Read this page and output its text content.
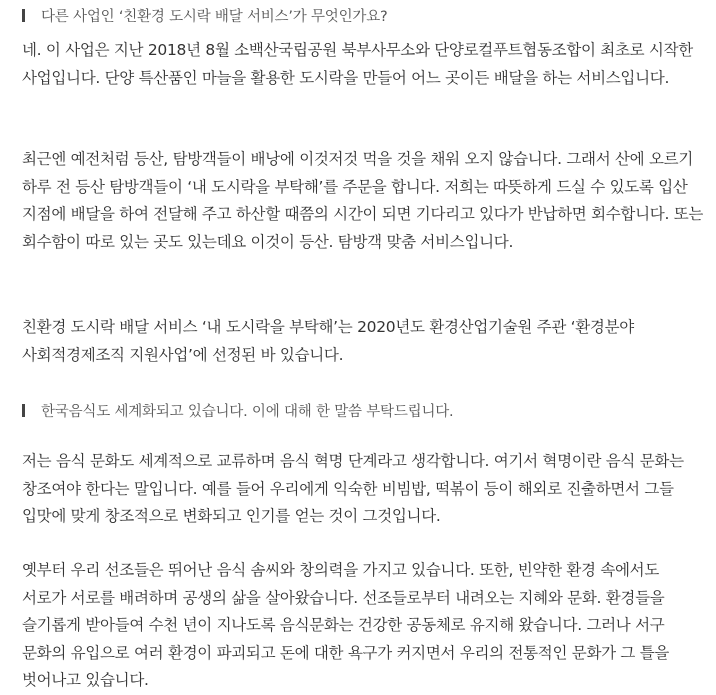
다른 사업인 ‘친환경 도시락 배달 서비스’가 무엇인가요?

네. 이 사업은 지난 2018년 8월 소백산국립공원 북부사무소와 단양로컬푸트협동조합이 최초로 시작한 사업입니다. 단양 특산품인 마늘을 활용한 도시락을 만들어 어느 곳이든 배달을 하는 서비스입니다.

최근엔 예전처럼 등산, 탐방객들이 배낭에 이것저것 먹을 것을 채워 오지 않습니다. 그래서 산에 오르기 하루 전 등산 탐방객들이 ‘내 도시락을 부탁해’를 주문을 합니다. 저희는 따뜻하게 드실 수 있도록 입산 지점에 배달을 하여 전달해 주고 하산할 때쯤의 시간이 되면 기다리고 있다가 반납하면 회수합니다. 또는 회수함이 따로 있는 곳도 있는데요 이것이 등산. 탐방객 맞춤 서비스입니다.

친환경 도시락 배달 서비스 ‘내 도시락을 부탁해’는 2020년도 환경산업기술원 주관 ‘환경분야 사회적경제조직 지원사업’에 선정된 바 있습니다.

한국음식도 세계화되고 있습니다. 이에 대해 한 말씀 부탁드립니다.

저는 음식 문화도 세계적으로 교류하며 음식 혁명 단계라고 생각합니다. 여기서 혁명이란 음식 문화는 창조여야 한다는 말입니다. 예를 들어 우리에게 익숙한 비빔밥, 떡볶이 등이 해외로 진출하면서 그들 입맛에 맞게 창조적으로 변화되고 인기를 얻는 것이 그것입니다.

옛부터 우리 선조들은 뛰어난 음식 솜씨와 창의력을 가지고 있습니다. 또한, 빈약한 환경 속에서도 서로가 서로를 배려하며 공생의 삶을 살아왔습니다. 선조들로부터 내려오는 지혜와 문화. 환경들을 슬기롭게 받아들여 수천 년이 지나도록 음식문화는 건강한 공동체로 유지해 왔습니다. 그러나 서구 문화의 유입으로 여러 환경이 파괴되고 돈에 대한 욕구가 커지면서 우리의 전통적인 문화가 그 틀을 벗어나고 있습니다.
